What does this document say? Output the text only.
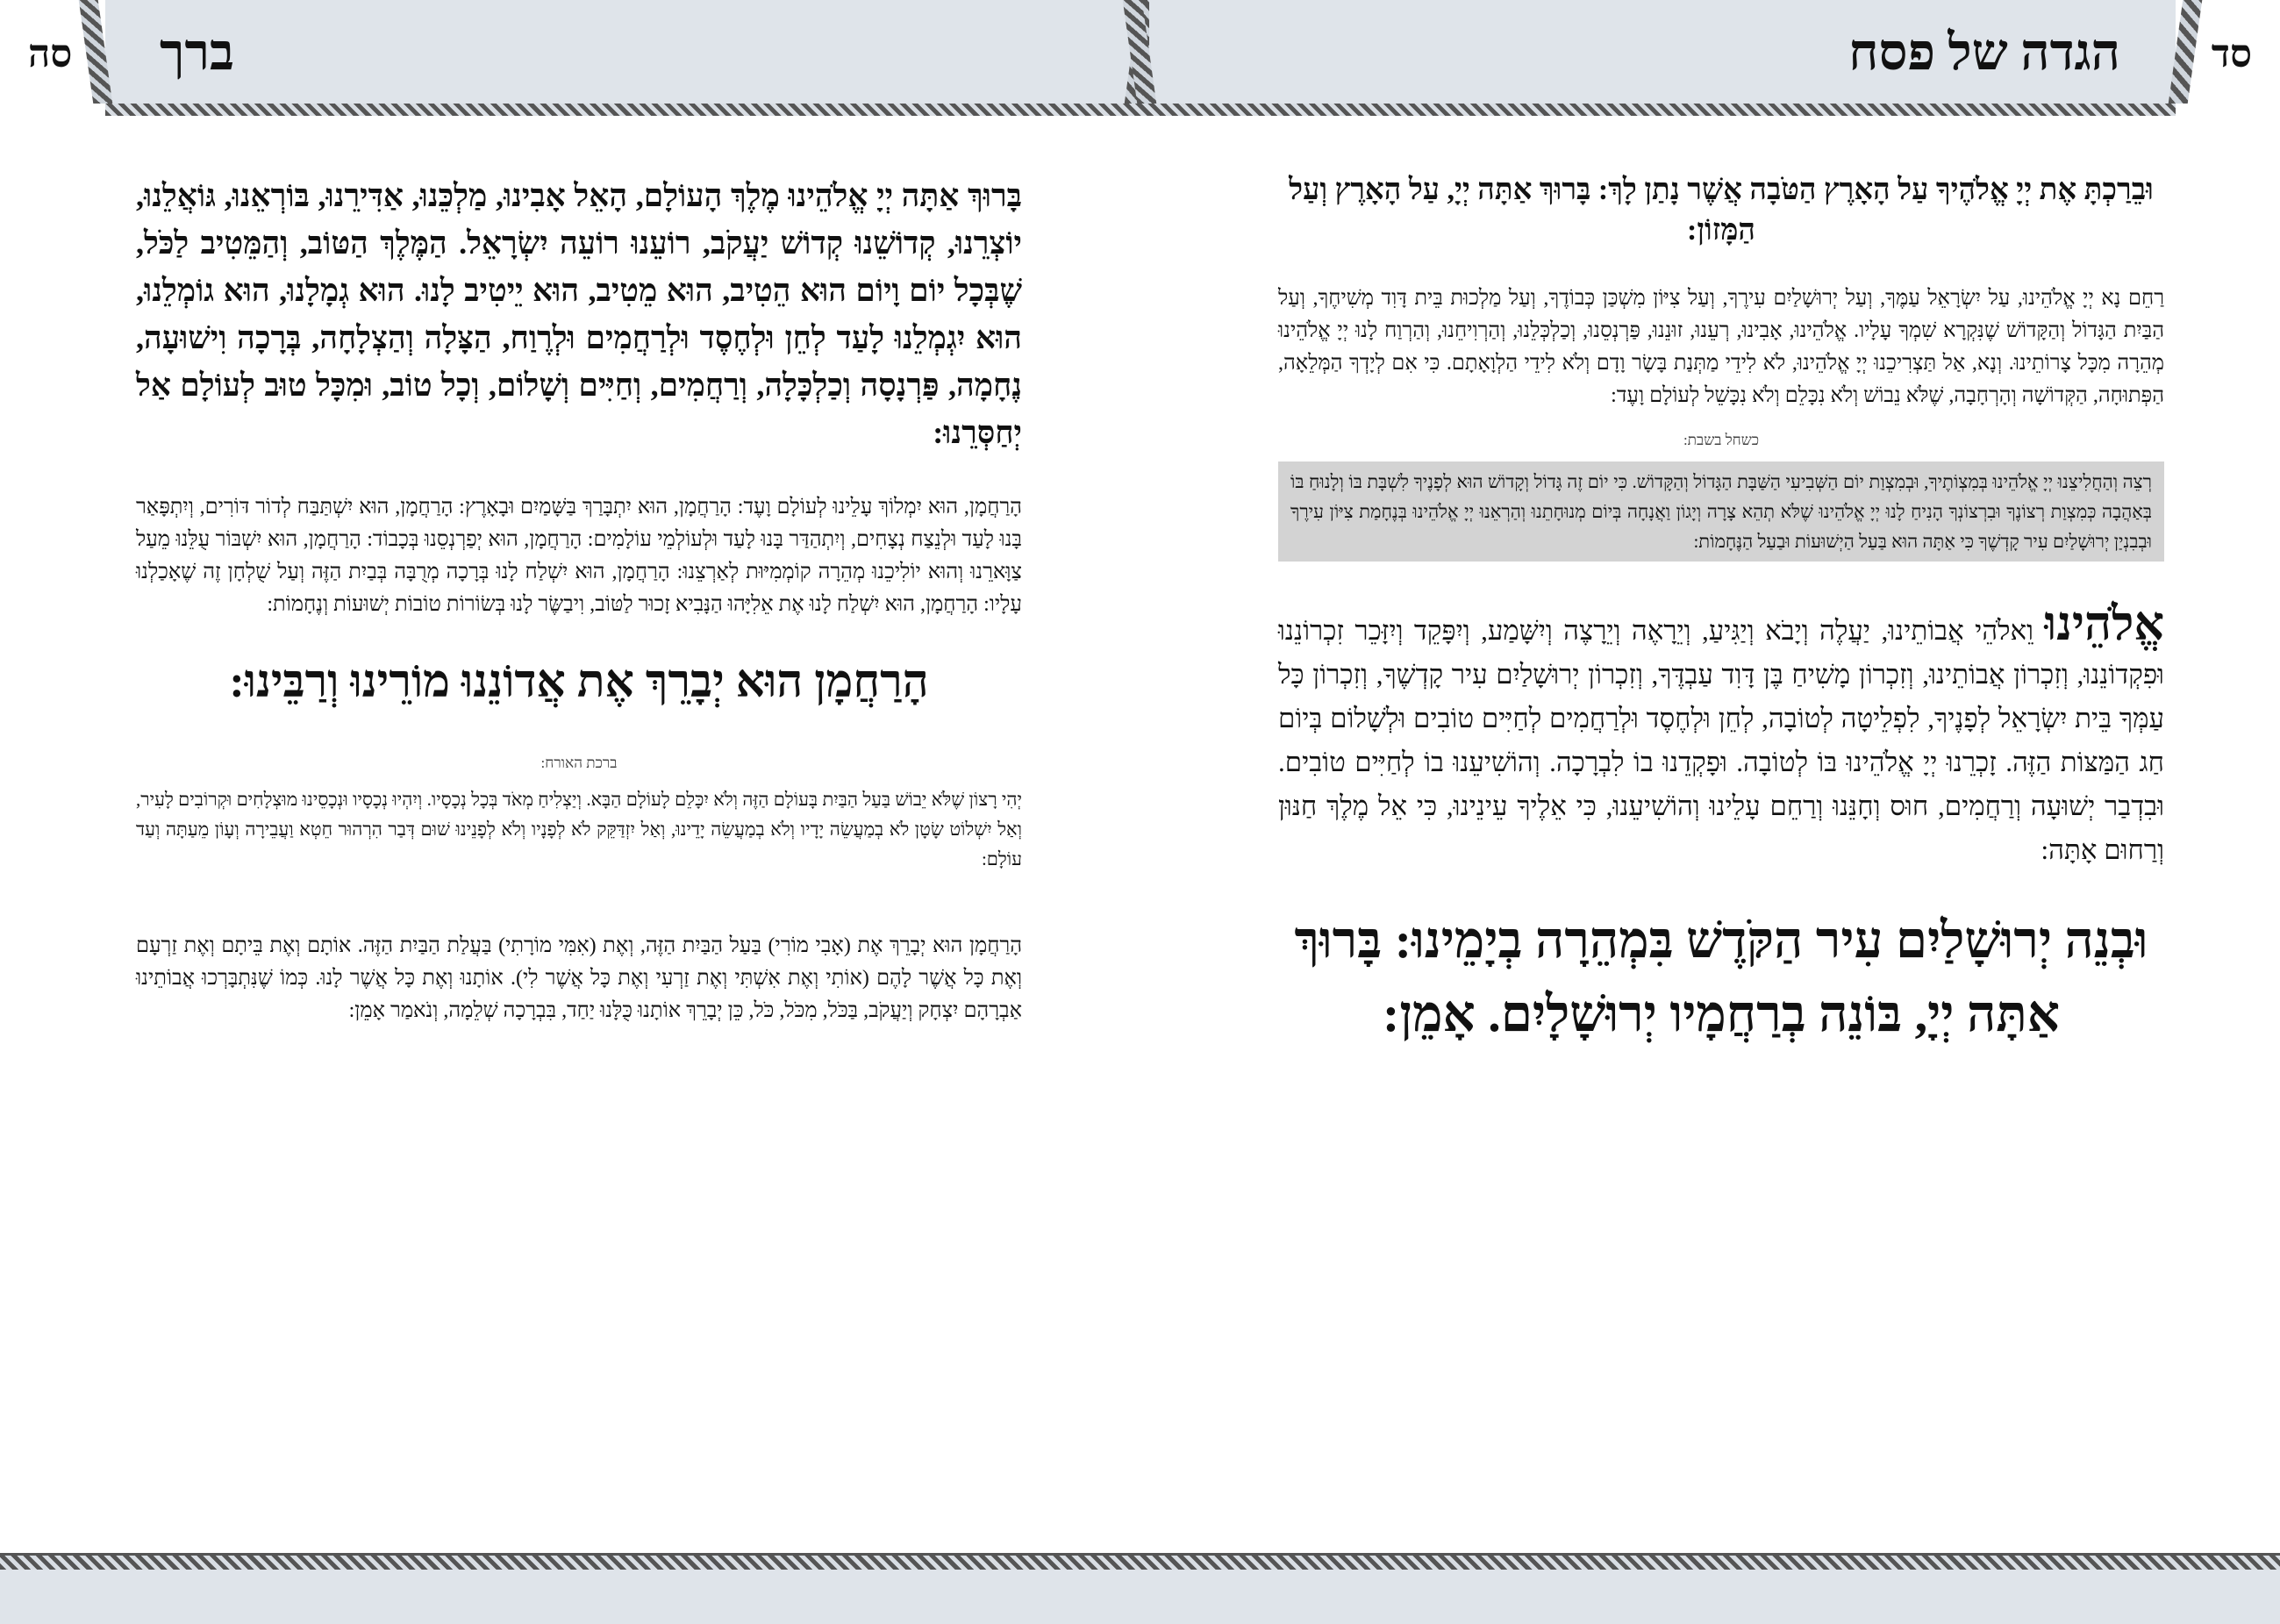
סה ברך	הגדה של פסח סד

וּבֵרַכְתָּ אֶת יְיָ אֱלֹהֶיךָ עַל הָאָרֶץ הַטֹּבָה אֲשֶׁר נָתַן לָךְ: בָּרוּךְ אַתָּה יְיָ, עַל הָאָרֶץ וְעַל הַמָּזוֹן:

רַחֵם נָא יְיָ אֱלֹהֵינוּ, עַל יִשְׂרָאֵל עַמֶּךָ, וְעַל יְרוּשָׁלַיִם עִירֶךָ, וְעַל צִיּוֹן מִשְׁכַּן כְּבוֹדֶךָ, וְעַל מַלְכוּת בֵּית דָּוִד מְשִׁיחֶךָ, וְעַל הַבַּיִת הַגָּדוֹל וְהַקָּדוֹשׁ שֶׁנִּקְרָא שִׁמְךָ עָלָיו. אֱלֹהֵינוּ, אָבִינוּ, רְעֵנוּ, זוּנֵנוּ, פַּרְנְסֵנוּ, וְכַלְכְּלֵנוּ, וְהַרְוִיחֵנוּ, וְהַרְוַח לָנוּ יְיָ אֱלֹהֵינוּ מְהֵרָה מִכָּל צָרוֹתֵינוּ. וְנָא, אַל תַּצְרִיכֵנוּ יְיָ אֱלֹהֵינוּ, לֹא לִידֵי מַתְּנַת בָּשָׂר וָדָם וְלֹא לִידֵי הַלְוָאָתָם. כִּי אִם לְיָדְךָ הַמְּלֵאָה, הַפְּתוּחָה, הַקְּדוֹשָׁה וְהָרְחָבָה, שֶׁלֹּא נֵבוֹשׁ וְלֹא נִכָּלֵם וְלֹא נִכָּשֵׁל לְעוֹלָם וָעֶד:

כשחל בשבת:

רְצֵה וְהַחֲלִיצֵנוּ יְיָ אֱלֹהֵינוּ בְּמִצְוֹתֶיךָ, וּבְמִצְוַת יוֹם הַשְּׁבִיעִי הַשַּׁבָּת הַגָּדוֹל וְהַקָּדוֹשׁ. כִּי יוֹם זֶה גָּדוֹל וְקָדוֹשׁ הוּא לְפָנֶיךָ לִשְׁבָּת בּוֹ וְלָנוּחַ בּוֹ בְּאַהֲבָה כְּמִצְוַת רְצוֹנֶךָ וּבִרְצוֹנְךָ הָנִיחַ לָנוּ יְיָ אֱלֹהֵינוּ שֶׁלֹּא תְהֵא צָרָה וְיָגוֹן וַאֲנָחָה בְּיוֹם מְנוּחָתֵנוּ וְהַרְאֵנוּ יְיָ אֱלֹהֵינוּ בְּנֶחָמַת צִיּוֹן עִירֶךָ וּבְבִנְיַן יְרוּשָׁלַיִם עִיר קָדְשֶׁךָ כִּי אַתָּה הוּא בַּעַל הַיְשׁוּעוֹת וּבַעַל הַנֶּחָמוֹת:

אֱלֹהֵינוּ וֵאלֹהֵי אֲבוֹתֵינוּ, יַעֲלֶה וְיָבֹא וְיַגִּיעַ, וְיֵרָאֶה וְיֵרָצֶה וְיִשָּׁמַע, וְיִפָּקֵד וְיִזָּכֵר זִכְרוֹנֵנוּ וּפִקְדוֹנֵנוּ, וְזִכְרוֹן אֲבוֹתֵינוּ, וְזִכְרוֹן מָשִׁיחַ בֶּן דָּוִד עַבְדֶּךָ, וְזִכְרוֹן יְרוּשָׁלַיִם עִיר קָדְשֶׁךָ, וְזִכְרוֹן כָּל עַמְּךָ בֵּית יִשְׂרָאֵל לְפָנֶיךָ, לִפְלֵיטָה לְטוֹבָה, לְחֵן וּלְחֶסֶד וּלְרַחֲמִים לְחַיִּים טוֹבִים וּלְשָׁלוֹם בְּיוֹם חַג הַמַּצּוֹת הַזֶּה. זָכְרֵנוּ יְיָ אֱלֹהֵינוּ בּוֹ לְטוֹבָה. וּפָקְדֵנוּ בוֹ לִבְרָכָה. וְהוֹשִׁיעֵנוּ בוֹ לְחַיִּים טוֹבִים. וּבִדְבַר יְשׁוּעָה וְרַחֲמִים, חוּס וְחָנֵּנוּ וְרַחֵם עָלֵינוּ וְהוֹשִׁיעֵנוּ, כִּי אֵלֶיךָ עֵינֵינוּ, כִּי אֵל מֶלֶךְ חַנּוּן וְרַחוּם אָתָּה:

וּבְנֵה יְרוּשָׁלַיִם עִיר הַקֹּדֶשׁ בִּמְהֵרָה בְיָמֵינוּ: בָּרוּךְ אַתָּה יְיָ, בּוֹנֵה בְרַחֲמָיו יְרוּשָׁלָיִם. אָמֵן:

בָּרוּךְ אַתָּה יְיָ אֱלֹהֵינוּ מֶלֶךְ הָעוֹלָם, הָאֵל אָבִינוּ, מַלְכֵּנוּ, אַדִּירֵנוּ, בּוֹרְאֵנוּ, גּוֹאֲלֵנוּ, יוֹצְרֵנוּ, קְדוֹשֵׁנוּ קְדוֹשׁ יַעֲקֹב, רוֹעֵנוּ רוֹעֵה יִשְׂרָאֵל. הַמֶּלֶךְ הַטּוֹב, וְהַמֵּטִיב לַכֹּל, שֶׁבְּכָל יוֹם וָיוֹם הוּא הֵטִיב, הוּא מֵטִיב, הוּא יֵיטִיב לָנוּ. הוּא גְמָלָנוּ, הוּא גוֹמְלֵנוּ, הוּא יִגְמְלֵנוּ לָעַד לְחֵן וּלְחֶסֶד וּלְרַחֲמִים וּלְרֶוַח, הַצָּלָה וְהַצְלָחָה, בְּרָכָה וִישׁוּעָה, נֶחָמָה, פַּרְנָסָה וְכַלְכָּלָה, וְרַחֲמִים, וְחַיִּים וְשָׁלוֹם, וְכָל טוֹב, וּמִכָּל טוּב לְעוֹלָם אַל יְחַסְּרֵנוּ:

הָרַחֲמָן, הוּא יִמְלוֹךְ עָלֵינוּ לְעוֹלָם וָעֶד: הָרַחֲמָן, הוּא יִתְבָּרַךְ בַּשָּׁמַיִם וּבָאָרֶץ: הָרַחֲמָן, הוּא יִשְׁתַּבַּח לְדוֹר דּוֹרִים, וְיִתְפָּאַר בָּנוּ לָעַד וּלְנֵצַח נְצָחִים, וְיִתְהַדַּר בָּנוּ לָעַד וּלְעוֹלְמֵי עוֹלָמִים: הָרַחֲמָן, הוּא יְפַרְנְסֵנוּ בְּכָבוֹד: הָרַחֲמָן, הוּא יִשְׁבּוֹר עֻלֵּנוּ מֵעַל צַוָּארֵנוּ וְהוּא יוֹלִיכֵנוּ מְהֵרָה קוֹמְמִיּוּת לְאַרְצֵנוּ: הָרַחֲמָן, הוּא יִשְׁלַח לָנוּ בְּרָכָה מְרֻבָּה בְּבַיִת הַזֶּה וְעַל שֻׁלְחָן זֶה שֶׁאָכַלְנוּ עָלָיו: הָרַחֲמָן, הוּא יִשְׁלַח לָנוּ אֶת אֵלִיָּהוּ הַנָּבִיא זָכוּר לַטּוֹב, וִיבַשֶּׂר לָנוּ בְּשׂוֹרוֹת טוֹבוֹת יְשׁוּעוֹת וְנֶחָמוֹת:

הָרַחֲמָן הוּא יְבָרֵךְ אֶת אֲדוֹנֵנוּ מוֹרֵינוּ וְרַבֵּינוּ:

ברכת האורח:

יְהִי רָצוֹן שֶׁלֹּא יֵבוֹשׁ בַּעַל הַבַּיִת בָּעוֹלָם הַזֶּה וְלֹא יִכָּלֵם לָעוֹלָם הַבָּא. וְיַצְלִיחַ מְאֹד בְּכָל נְכָסָיו. וְיִהְיוּ נְכָסָיו וּנְכָסֵינוּ מוּצְלָחִים וּקְרוֹבִים לָעִיר, וְאַל יִשְׁלוֹט שָׂטָן לֹא בְמַעֲשֵׂה יָדָיו וְלֹא בְמַעֲשֵׂה יָדֵינוּ, וְאַל יִזְדַּקֵּק לֹא לְפָנָיו וְלֹא לְפָנֵינוּ שׁוּם דְּבַר הִרְהוּר חֵטְא וַעֲבֵירָה וְעָוֹן מֵעַתָּה וְעַד עוֹלָם:

הָרַחֲמָן הוּא יְבָרֵךְ אֶת (אָבִי מוֹרִי) בַּעַל הַבַּיִת הַזֶּה, וְאֶת (אִמִּי מוֹרָתִי) בַּעֲלַת הַבַּיִת הַזֶּה. אוֹתָם וְאֶת בֵּיתָם וְאֶת זַרְעָם וְאֶת כָּל אֲשֶׁר לָהֶם (אוֹתִי וְאֶת אִשְׁתִּי וְאֶת זַרְעִי וְאֶת כָּל אֲשֶׁר לִי). אוֹתָנוּ וְאֶת כָּל אֲשֶׁר לָנוּ. כְּמוֹ שֶׁנִּתְבָּרְכוּ אֲבוֹתֵינוּ אַבְרָהָם יִצְחָק וְיַעֲקֹב, בַּכֹּל, מִכֹּל, כֹּל, כֵּן יְבָרֵךְ אוֹתָנוּ כֻּלָּנוּ יַחַד, בִּבְרָכָה שְׁלֵמָה, וְנֹאמַר אָמֵן:
